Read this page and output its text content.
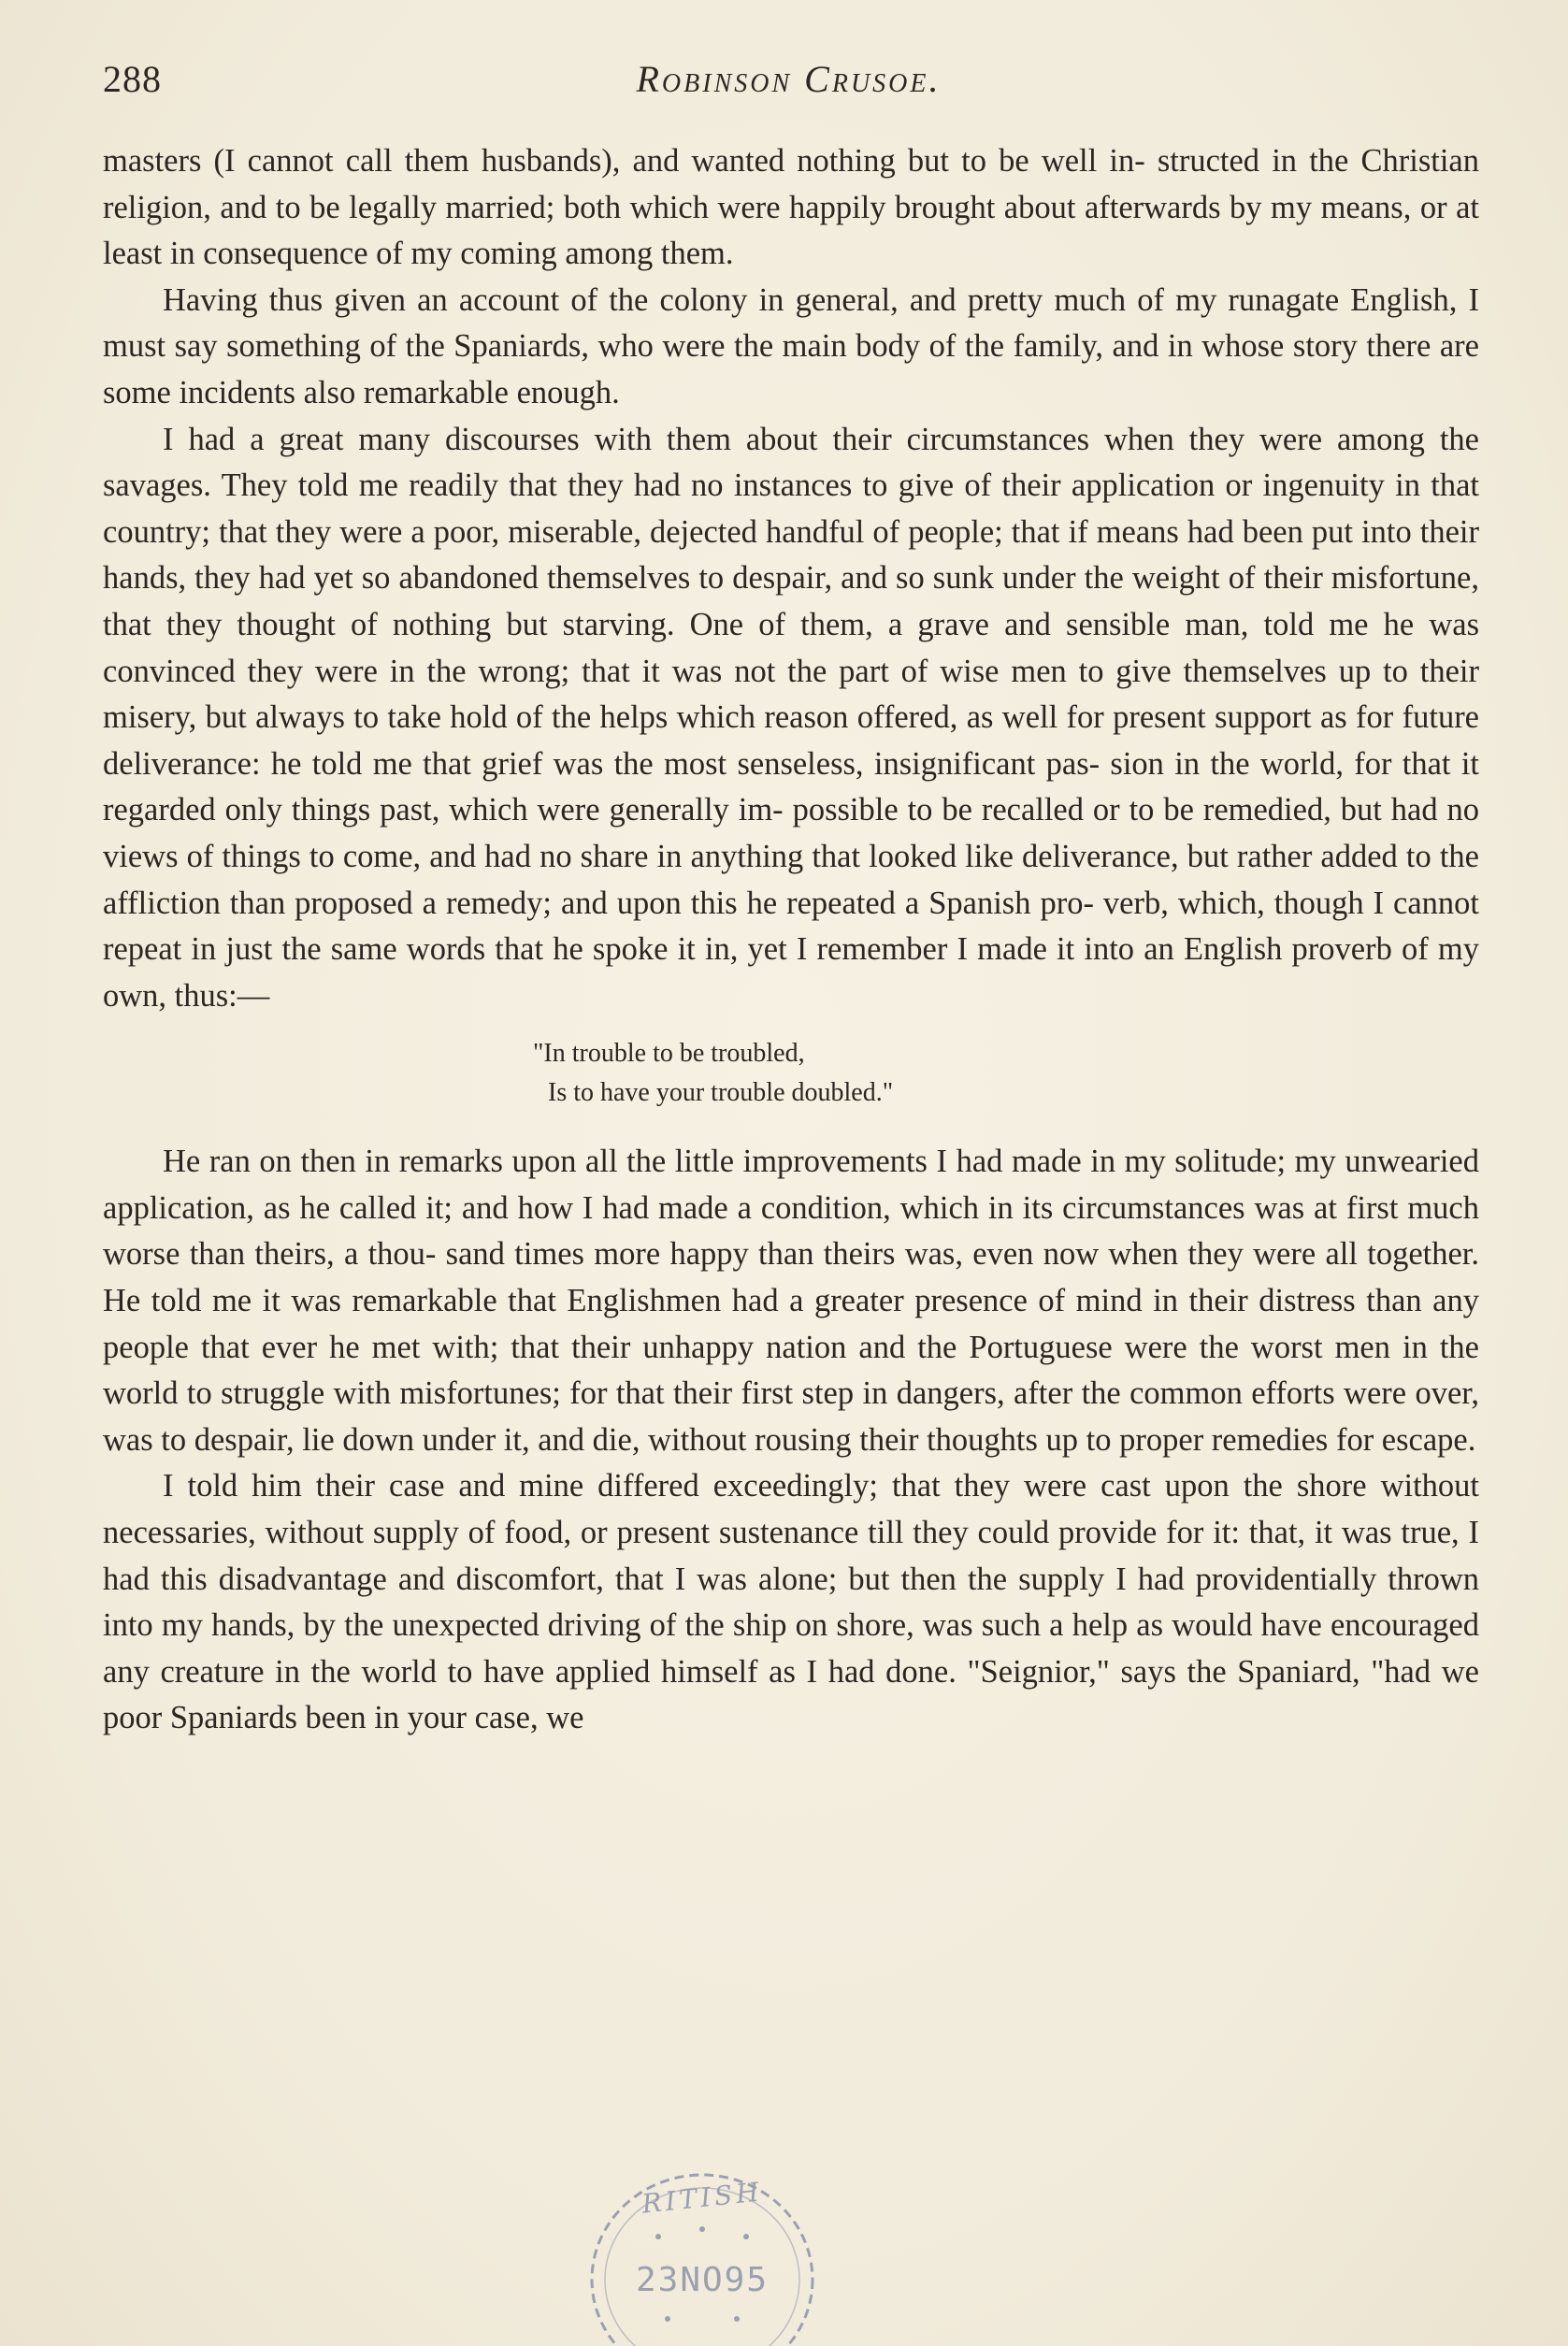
288	Robinson Crusoe.

masters (I cannot call them husbands), and wanted nothing but to be well in- structed in the Christian religion, and to be legally married; both which were happily brought about afterwards by my means, or at least in consequence of my coming among them.

Having thus given an account of the colony in general, and pretty much of my runagate English, I must say something of the Spaniards, who were the main body of the family, and in whose story there are some incidents also remarkable enough.

I had a great many discourses with them about their circumstances when they were among the savages. They told me readily that they had no instances to give of their application or ingenuity in that country; that they were a poor, miserable, dejected handful of people; that if means had been put into their hands, they had yet so abandoned themselves to despair, and so sunk under the weight of their misfortune, that they thought of nothing but starving. One of them, a grave and sensible man, told me he was convinced they were in the wrong; that it was not the part of wise men to give themselves up to their misery, but always to take hold of the helps which reason offered, as well for present support as for future deliverance: he told me that grief was the most senseless, insignificant pas- sion in the world, for that it regarded only things past, which were generally im- possible to be recalled or to be remedied, but had no views of things to come, and had no share in anything that looked like deliverance, but rather added to the affliction than proposed a remedy; and upon this he repeated a Spanish pro- verb, which, though I cannot repeat in just the same words that he spoke it in, yet I remember I made it into an English proverb of my own, thus:—

"In trouble to be troubled,
Is to have your trouble doubled."

He ran on then in remarks upon all the little improvements I had made in my solitude; my unwearied application, as he called it; and how I had made a condition, which in its circumstances was at first much worse than theirs, a thou- sand times more happy than theirs was, even now when they were all together. He told me it was remarkable that Englishmen had a greater presence of mind in their distress than any people that ever he met with; that their unhappy nation and the Portuguese were the worst men in the world to struggle with misfortunes; for that their first step in dangers, after the common efforts were over, was to despair, lie down under it, and die, without rousing their thoughts up to proper remedies for escape.

I told him their case and mine differed exceedingly; that they were cast upon the shore without necessaries, without supply of food, or present sustenance till they could provide for it: that, it was true, I had this disadvantage and discomfort, that I was alone; but then the supply I had providentially thrown into my hands, by the unexpected driving of the ship on shore, was such a help as would have encouraged any creature in the world to have applied himself as I had done. "Seignior," says the Spaniard, "had we poor Spaniards been in your case, we

RITISH
23NO95
